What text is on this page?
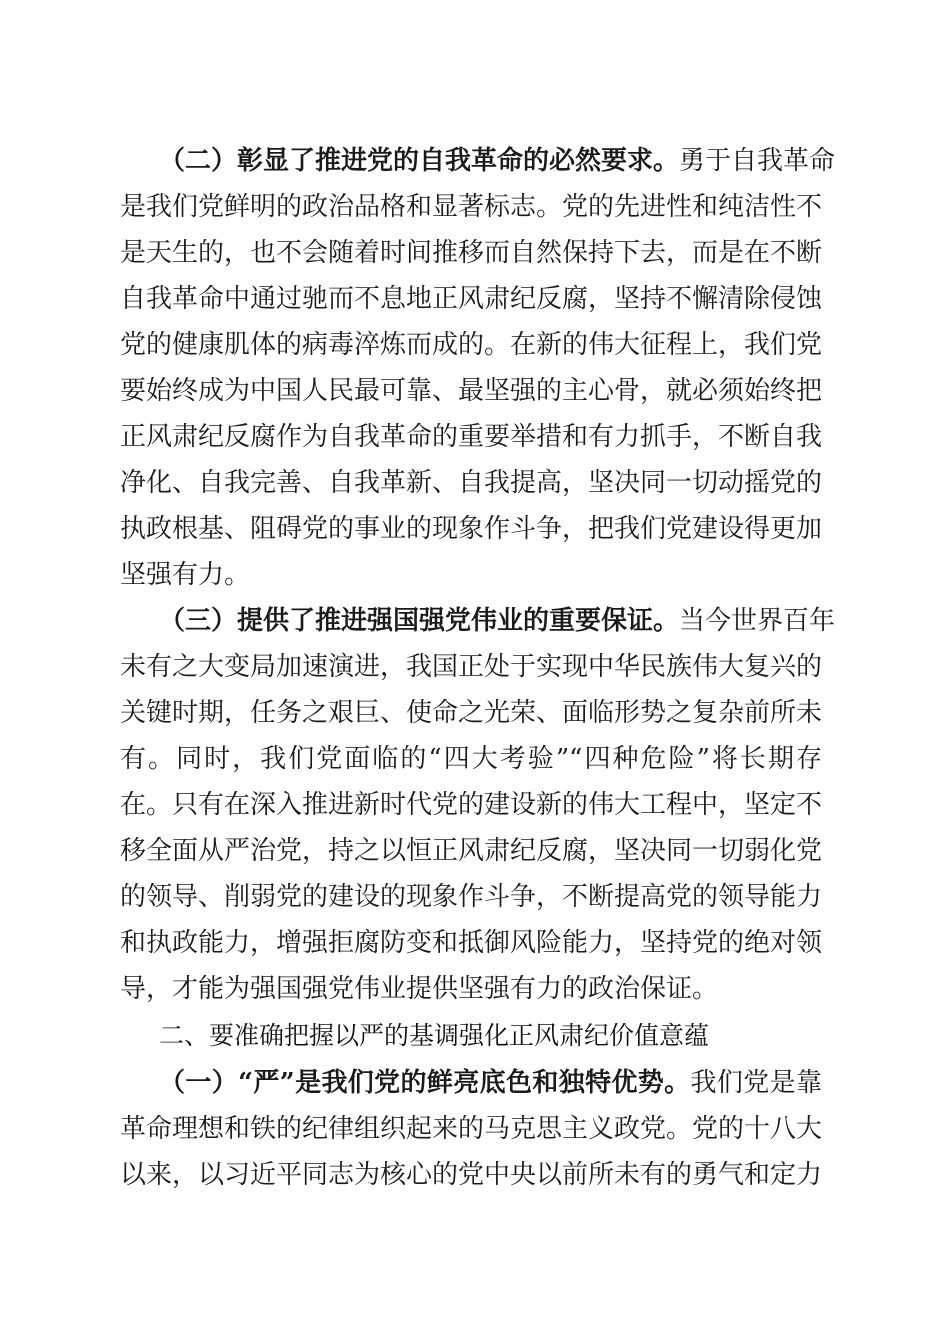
（二）彰显了推进党的自我革命的必然要求。勇于自我革命
是我们党鲜明的政治品格和显著标志。党的先进性和纯洁性不
是天生的，也不会随着时间推移而自然保持下去，而是在不断
自我革命中通过驰而不息地正风肃纪反腐，坚持不懈清除侵蚀
党的健康肌体的病毒淬炼而成的。在新的伟大征程上，我们党
要始终成为中国人民最可靠、最坚强的主心骨，就必须始终把
正风肃纪反腐作为自我革命的重要举措和有力抓手，不断自我
净化、自我完善、自我革新、自我提高，坚决同一切动摇党的
执政根基、阻碍党的事业的现象作斗争，把我们党建设得更加
坚强有力。
（三）提供了推进强国强党伟业的重要保证。当今世界百年
未有之大变局加速演进，我国正处于实现中华民族伟大复兴的
关键时期，任务之艰巨、使命之光荣、面临形势之复杂前所未
有。同时，我们党面临的“四大考验”“四种危险”将长期存
在。只有在深入推进新时代党的建设新的伟大工程中，坚定不
移全面从严治党，持之以恒正风肃纪反腐，坚决同一切弱化党
的领导、削弱党的建设的现象作斗争，不断提高党的领导能力
和执政能力，增强拒腐防变和抵御风险能力，坚持党的绝对领
导，才能为强国强党伟业提供坚强有力的政治保证。
二、要准确把握以严的基调强化正风肃纪价值意蕴
（一）“严”是我们党的鲜亮底色和独特优势。我们党是靠
革命理想和铁的纪律组织起来的马克思主义政党。党的十八大
以来，以习近平同志为核心的党中央以前所未有的勇气和定力
